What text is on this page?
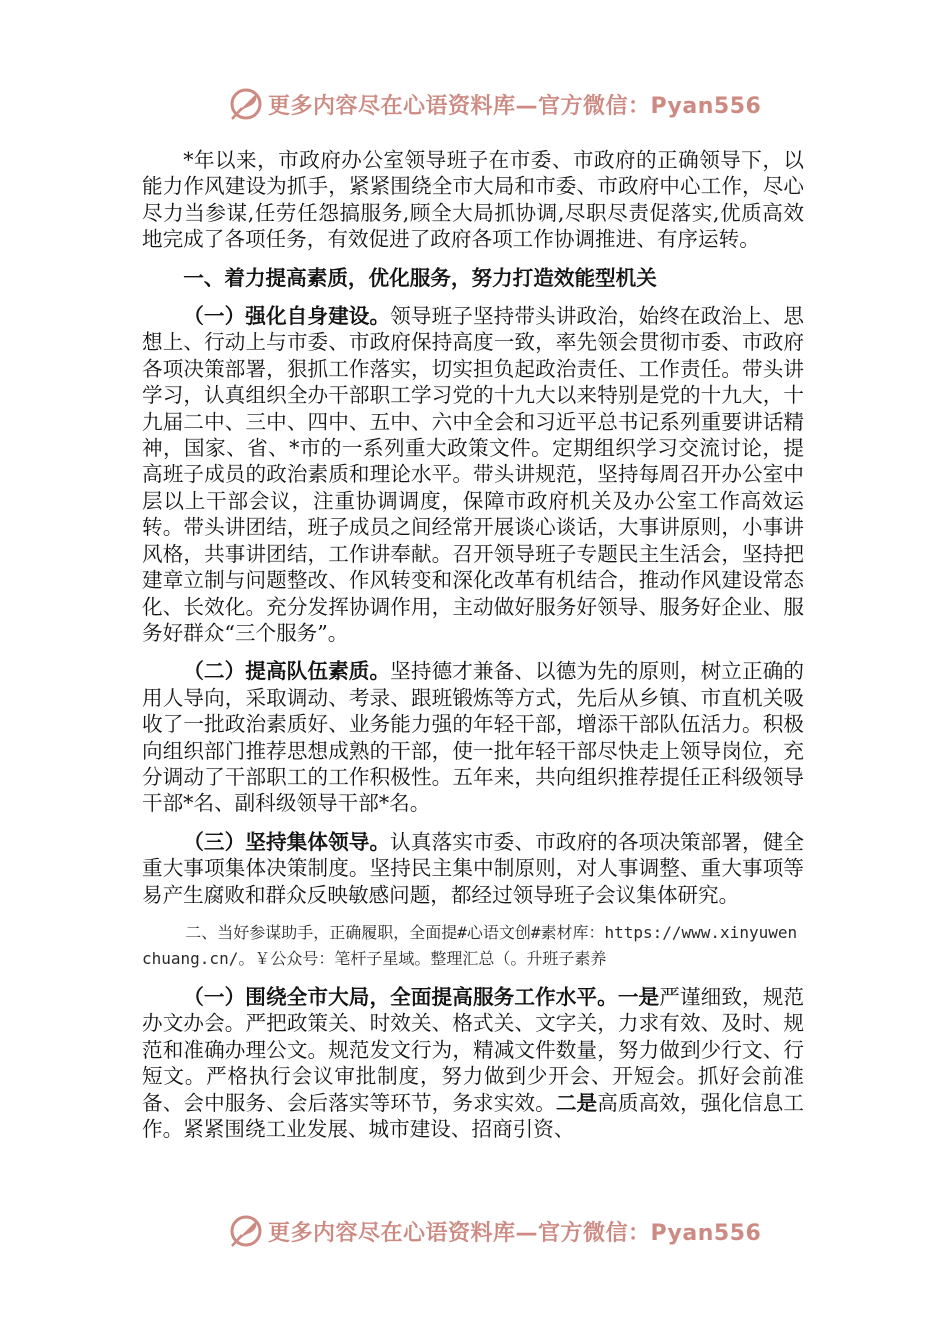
更多内容尽在心语资料库—官方微信：Pyan556

*年以来，市政府办公室领导班子在市委、市政府的正确领导下，以能力作风建设为抓手，紧紧围绕全市大局和市委、市政府中心工作，尽心尽力当参谋,任劳任怨搞服务,顾全大局抓协调,尽职尽责促落实,优质高效地完成了各项任务，有效促进了政府各项工作协调推进、有序运转。

一、着力提高素质，优化服务，努力打造效能型机关

（一）强化自身建设。领导班子坚持带头讲政治，始终在政治上、思想上、行动上与市委、市政府保持高度一致，率先领会贯彻市委、市政府各项决策部署，狠抓工作落实，切实担负起政治责任、工作责任。带头讲学习，认真组织全办干部职工学习党的十九大以来特别是党的十九大，十九届二中、三中、四中、五中、六中全会和习近平总书记系列重要讲话精神，国家、省、*市的一系列重大政策文件。定期组织学习交流讨论，提高班子成员的政治素质和理论水平。带头讲规范，坚持每周召开办公室中层以上干部会议，注重协调调度，保障市政府机关及办公室工作高效运转。带头讲团结，班子成员之间经常开展谈心谈话，大事讲原则，小事讲风格，共事讲团结，工作讲奉献。召开领导班子专题民主生活会，坚持把建章立制与问题整改、作风转变和深化改革有机结合，推动作风建设常态化、长效化。充分发挥协调作用，主动做好服务好领导、服务好企业、服务好群众“三个服务”。

（二）提高队伍素质。坚持德才兼备、以德为先的原则，树立正确的用人导向，采取调动、考录、跟班锻炼等方式，先后从乡镇、市直机关吸收了一批政治素质好、业务能力强的年轻干部，增添干部队伍活力。积极向组织部门推荐思想成熟的干部，使一批年轻干部尽快走上领导岗位，充分调动了干部职工的工作积极性。五年来，共向组织推荐提任正科级领导干部*名、副科级领导干部*名。

（三）坚持集体领导。认真落实市委、市政府的各项决策部署，健全重大事项集体决策制度。坚持民主集中制原则，对人事调整、重大事项等易产生腐败和群众反映敏感问题，都经过领导班子会议集体研究。

二、当好参谋助手，正确履职，全面提#心语文创#素材库：https://www.xinyuwenchuang.cn/。￥公众号：笔杆子星域。整理汇总（。升班子素养

（一）围绕全市大局，全面提高服务工作水平。一是严谨细致，规范办文办会。严把政策关、时效关、格式关、文字关，力求有效、及时、规范和准确办理公文。规范发文行为，精减文件数量，努力做到少行文、行短文。严格执行会议审批制度，努力做到少开会、开短会。抓好会前准备、会中服务、会后落实等环节，务求实效。二是高质高效，强化信息工作。紧紧围绕工业发展、城市建设、招商引资、

更多内容尽在心语资料库—官方微信：Pyan556
